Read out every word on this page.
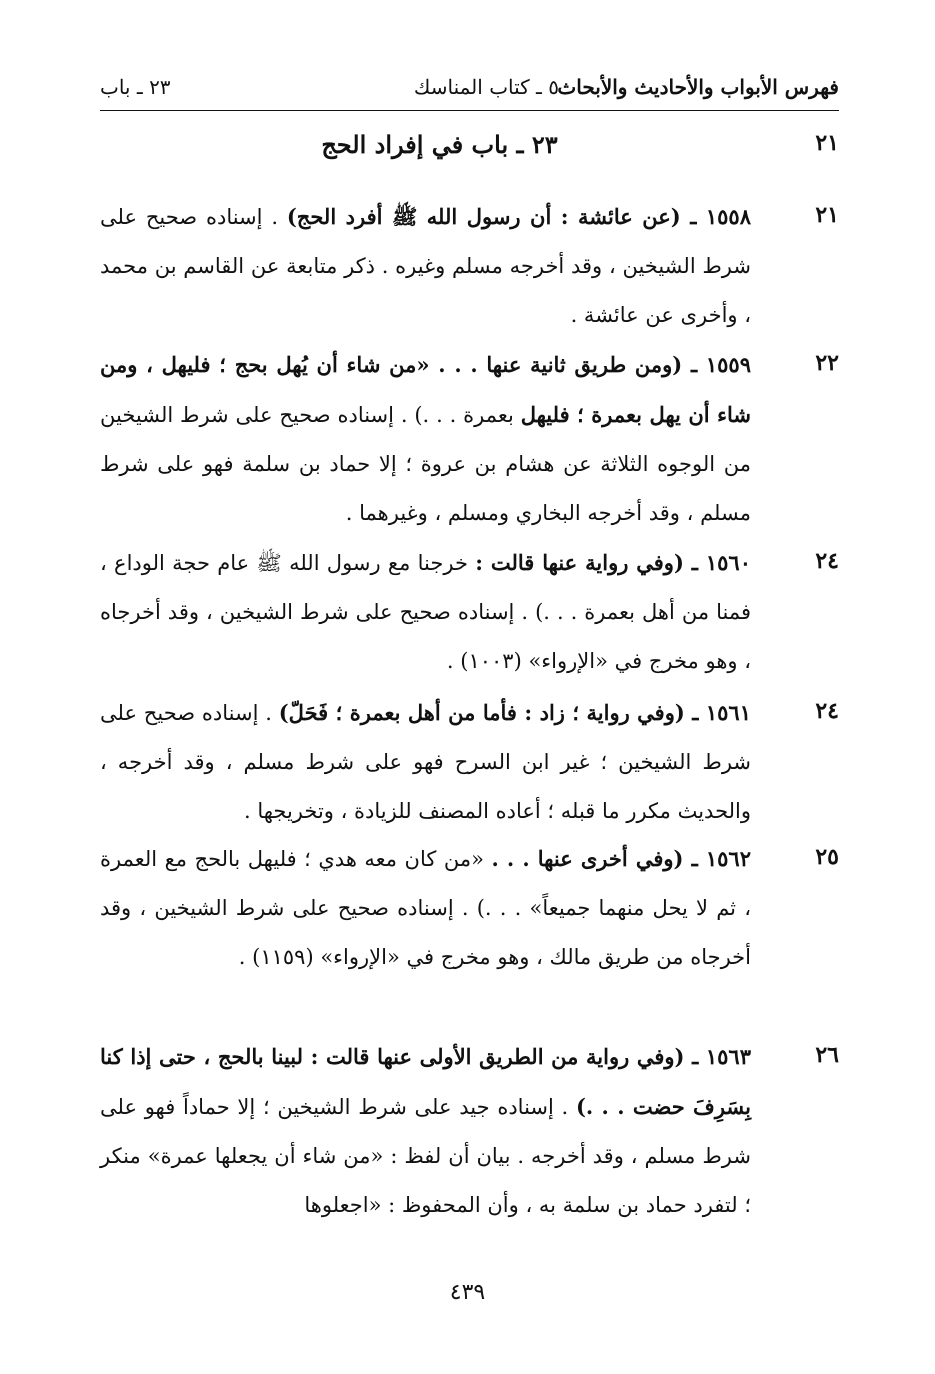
فهرس الأبواب والأحاديث والأبحاث
٥ ـ كتاب المناسك
٢٣ ـ باب
٢١
٢٣ ـ باب في إفراد الحج
٢١

١٥٥٨ ـ (عن عائشة : أن رسول الله ﷺ أفرد الحج) . إسناده صحيح على شرط الشيخين ، وقد أخرجه مسلم وغيره . ذكر متابعة عن القاسم بن محمد ، وأخرى عن عائشة .

٢٢

١٥٥٩ ـ (ومن طريق ثانية عنها . . . «من شاء أن يُهل بحج ؛ فليهل ، ومن شاء أن يهل بعمرة ؛ فليهل بعمرة . . .) . إسناده صحيح على شرط الشيخين من الوجوه الثلاثة عن هشام بن عروة ؛ إلا حماد بن سلمة فهو على شرط مسلم ، وقد أخرجه البخاري ومسلم ، وغيرهما .

٢٤

١٥٦٠ ـ (وفي رواية عنها قالت : خرجنا مع رسول الله ﷺ عام حجة الوداع ، فمنا من أهل بعمرة . . .) . إسناده صحيح على شرط الشيخين ، وقد أخرجاه ، وهو مخرج في «الإرواء» (١٠٠٣) .

٢٤

١٥٦١ ـ (وفي رواية ؛ زاد : فأما من أهل بعمرة ؛ فَحَلّ) . إسناده صحيح على شرط الشيخين ؛ غير ابن السرح فهو على شرط مسلم ، وقد أخرجه ، والحديث مكرر ما قبله ؛ أعاده المصنف للزيادة ، وتخريجها .

٢٥

١٥٦٢ ـ (وفي أخرى عنها . . . «من كان معه هدي ؛ فليهل بالحج مع العمرة ، ثم لا يحل منهما جميعاً» . . .) . إسناده صحيح على شرط الشيخين ، وقد أخرجاه من طريق مالك ، وهو مخرج في «الإرواء» (١١٥٩) .

٢٦

١٥٦٣ ـ (وفي رواية من الطريق الأولى عنها قالت : لبينا بالحج ، حتى إذا كنا بِسَرِفَ حضت . . .) . إسناده جيد على شرط الشيخين ؛ إلا حماداً فهو على شرط مسلم ، وقد أخرجه . بيان أن لفظ : «من شاء أن يجعلها عمرة» منكر ؛ لتفرد حماد بن سلمة به ، وأن المحفوظ : «اجعلوها

٤٣٩
